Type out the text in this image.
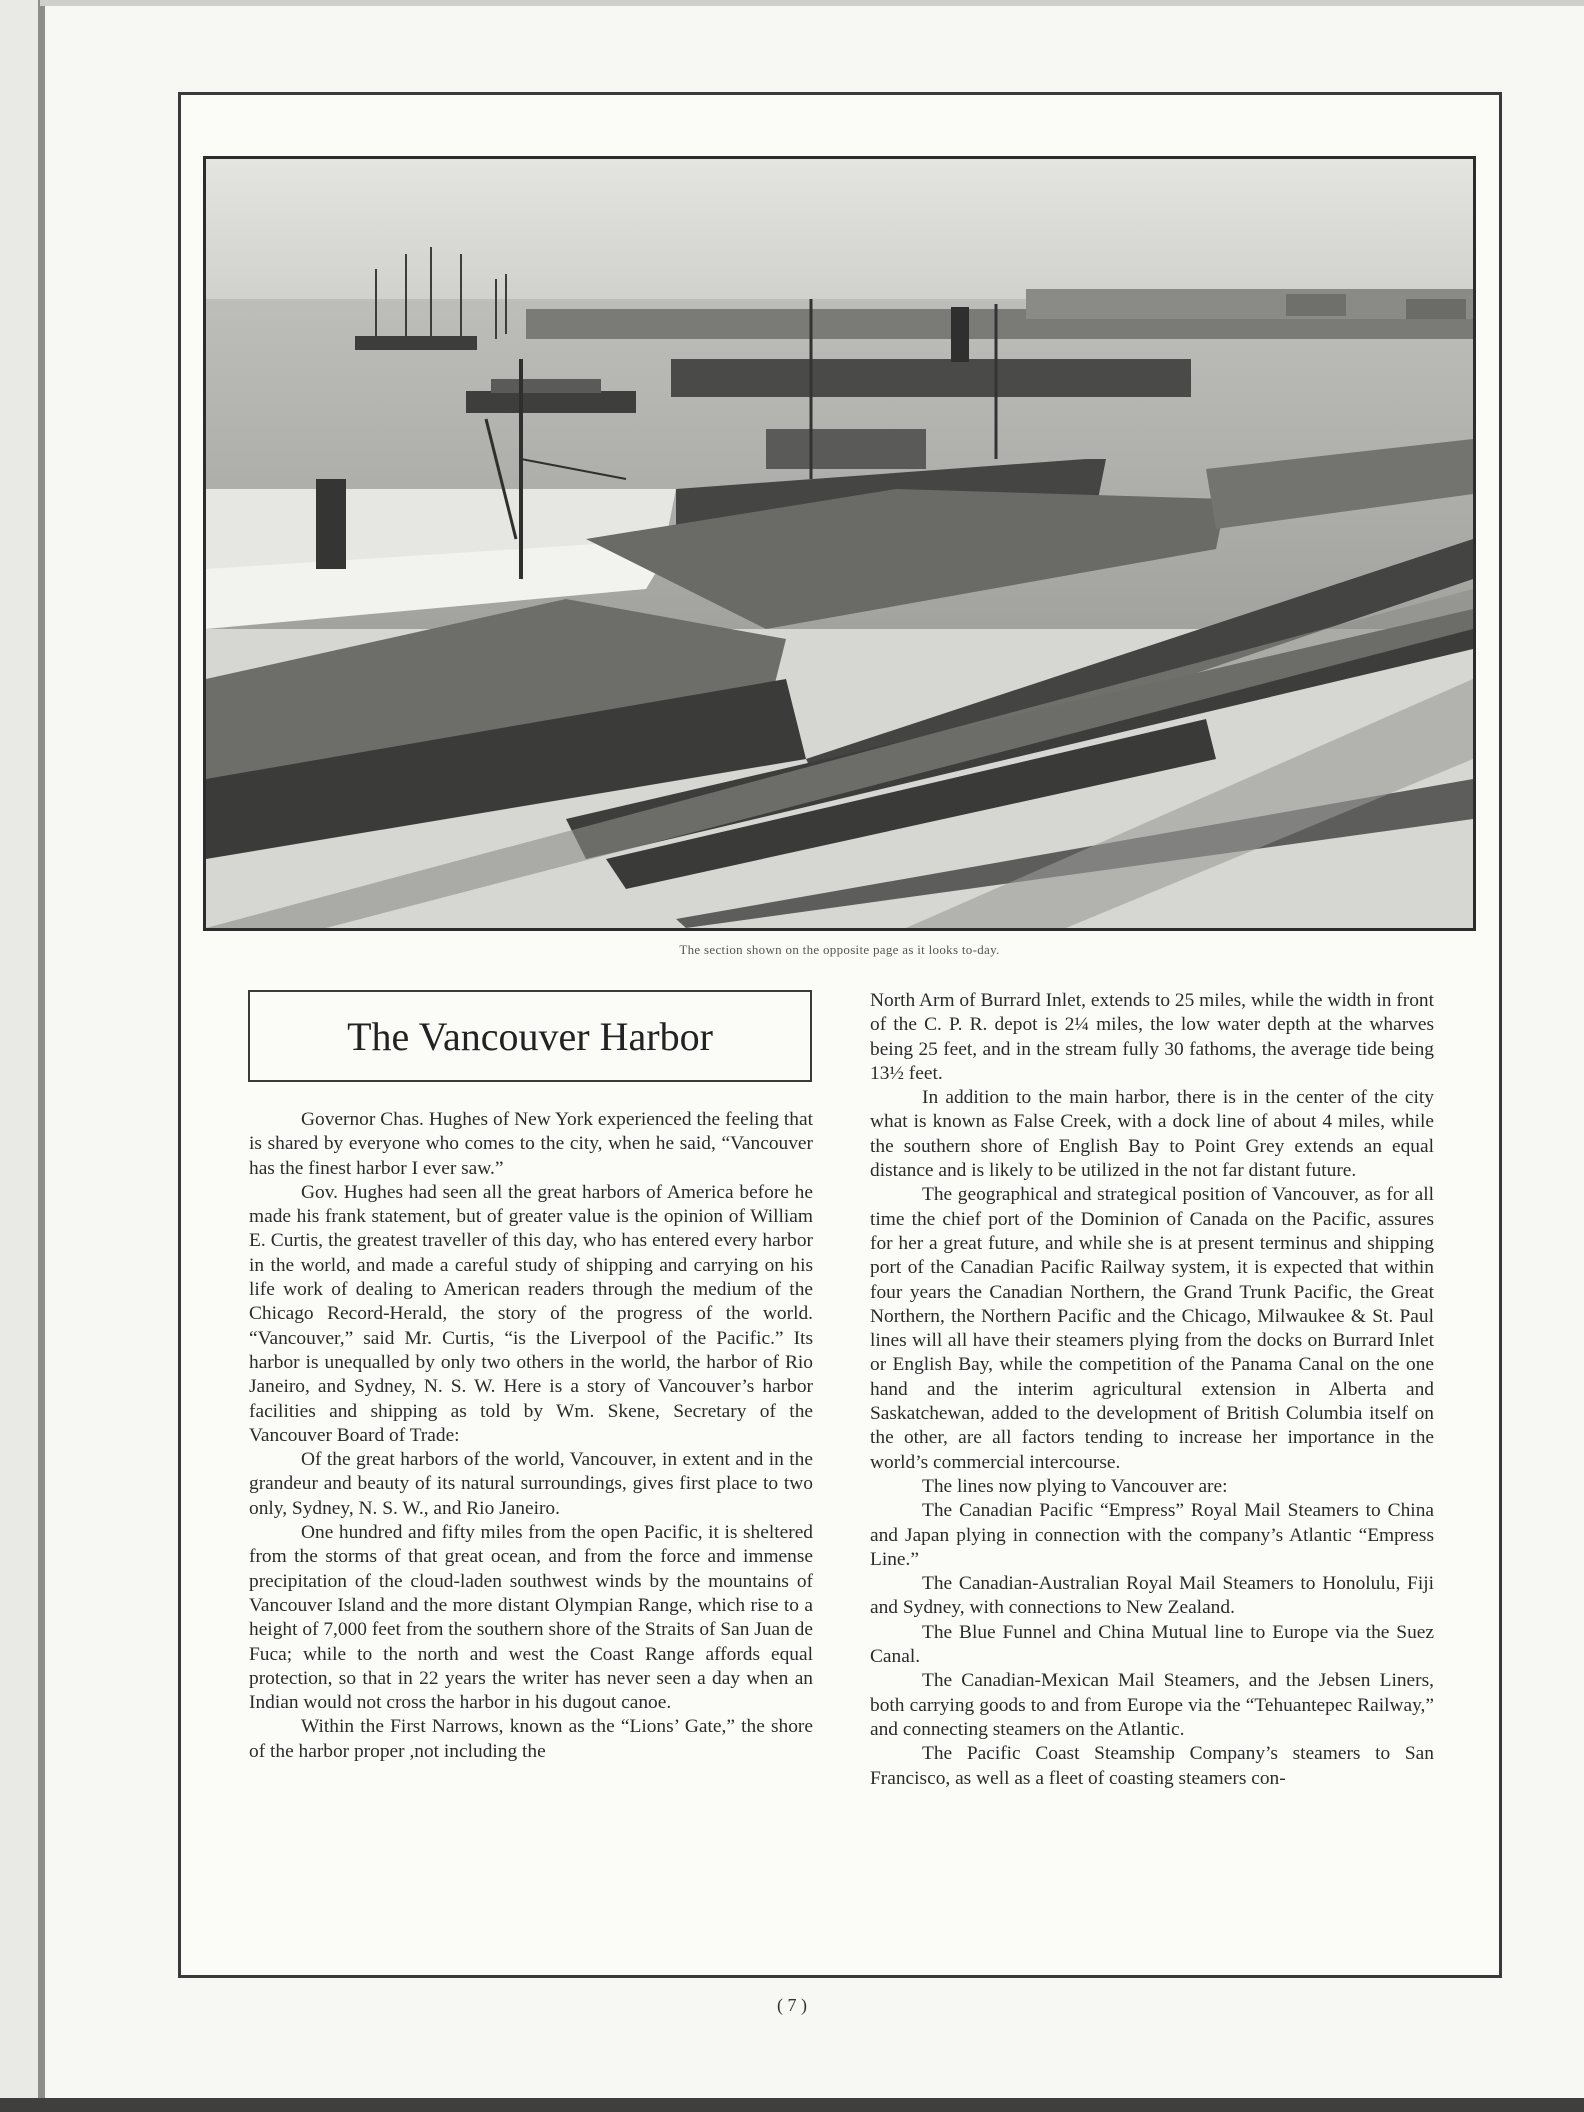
The section shown on the opposite page as it looks to-day.
The Vancouver Harbor

Governor Chas. Hughes of New York experienced the feeling that is shared by everyone who comes to the city, when he said, “Vancouver has the finest harbor I ever saw.”

Gov. Hughes had seen all the great harbors of America before he made his frank statement, but of greater value is the opinion of William E. Curtis, the greatest traveller of this day, who has entered every harbor in the world, and made a careful study of shipping and carrying on his life work of dealing to American readers through the medium of the Chicago Record-Herald, the story of the progress of the world. “Vancouver,” said Mr. Curtis, “is the Liverpool of the Pacific.” Its harbor is unequalled by only two others in the world, the harbor of Rio Janeiro, and Sydney, N. S. W. Here is a story of Vancouver’s harbor facilities and shipping as told by Wm. Skene, Secretary of the Vancouver Board of Trade:

Of the great harbors of the world, Vancouver, in extent and in the grandeur and beauty of its natural surroundings, gives first place to two only, Sydney, N. S. W., and Rio Janeiro.

One hundred and fifty miles from the open Pacific, it is sheltered from the storms of that great ocean, and from the force and immense precipitation of the cloud-laden southwest winds by the mountains of Vancouver Island and the more distant Olympian Range, which rise to a height of 7,000 feet from the southern shore of the Straits of San Juan de Fuca; while to the north and west the Coast Range affords equal protection, so that in 22 years the writer has never seen a day when an Indian would not cross the harbor in his dugout canoe.

Within the First Narrows, known as the “Lions’ Gate,” the shore of the harbor proper ,not including the

North Arm of Burrard Inlet, extends to 25 miles, while the width in front of the C. P. R. depot is 2¼ miles, the low water depth at the wharves being 25 feet, and in the stream fully 30 fathoms, the average tide being 13½ feet.

In addition to the main harbor, there is in the center of the city what is known as False Creek, with a dock line of about 4 miles, while the southern shore of English Bay to Point Grey extends an equal distance and is likely to be utilized in the not far distant future.

The geographical and strategical position of Vancouver, as for all time the chief port of the Dominion of Canada on the Pacific, assures for her a great future, and while she is at present terminus and shipping port of the Canadian Pacific Railway system, it is expected that within four years the Canadian Northern, the Grand Trunk Pacific, the Great Northern, the Northern Pacific and the Chicago, Milwaukee & St. Paul lines will all have their steamers plying from the docks on Burrard Inlet or English Bay, while the competition of the Panama Canal on the one hand and the interim agricultural extension in Alberta and Saskatchewan, added to the development of British Columbia itself on the other, are all factors tending to increase her importance in the world’s commercial intercourse.

The lines now plying to Vancouver are:

The Canadian Pacific “Empress” Royal Mail Steamers to China and Japan plying in connection with the company’s Atlantic “Empress Line.”

The Canadian-Australian Royal Mail Steamers to Honolulu, Fiji and Sydney, with connections to New Zealand.

The Blue Funnel and China Mutual line to Europe via the Suez Canal.

The Canadian-Mexican Mail Steamers, and the Jebsen Liners, both carrying goods to and from Europe via the “Tehuantepec Railway,” and connecting steamers on the Atlantic.

The Pacific Coast Steamship Company’s steamers to San Francisco, as well as a fleet of coasting steamers con-

( 7 )
